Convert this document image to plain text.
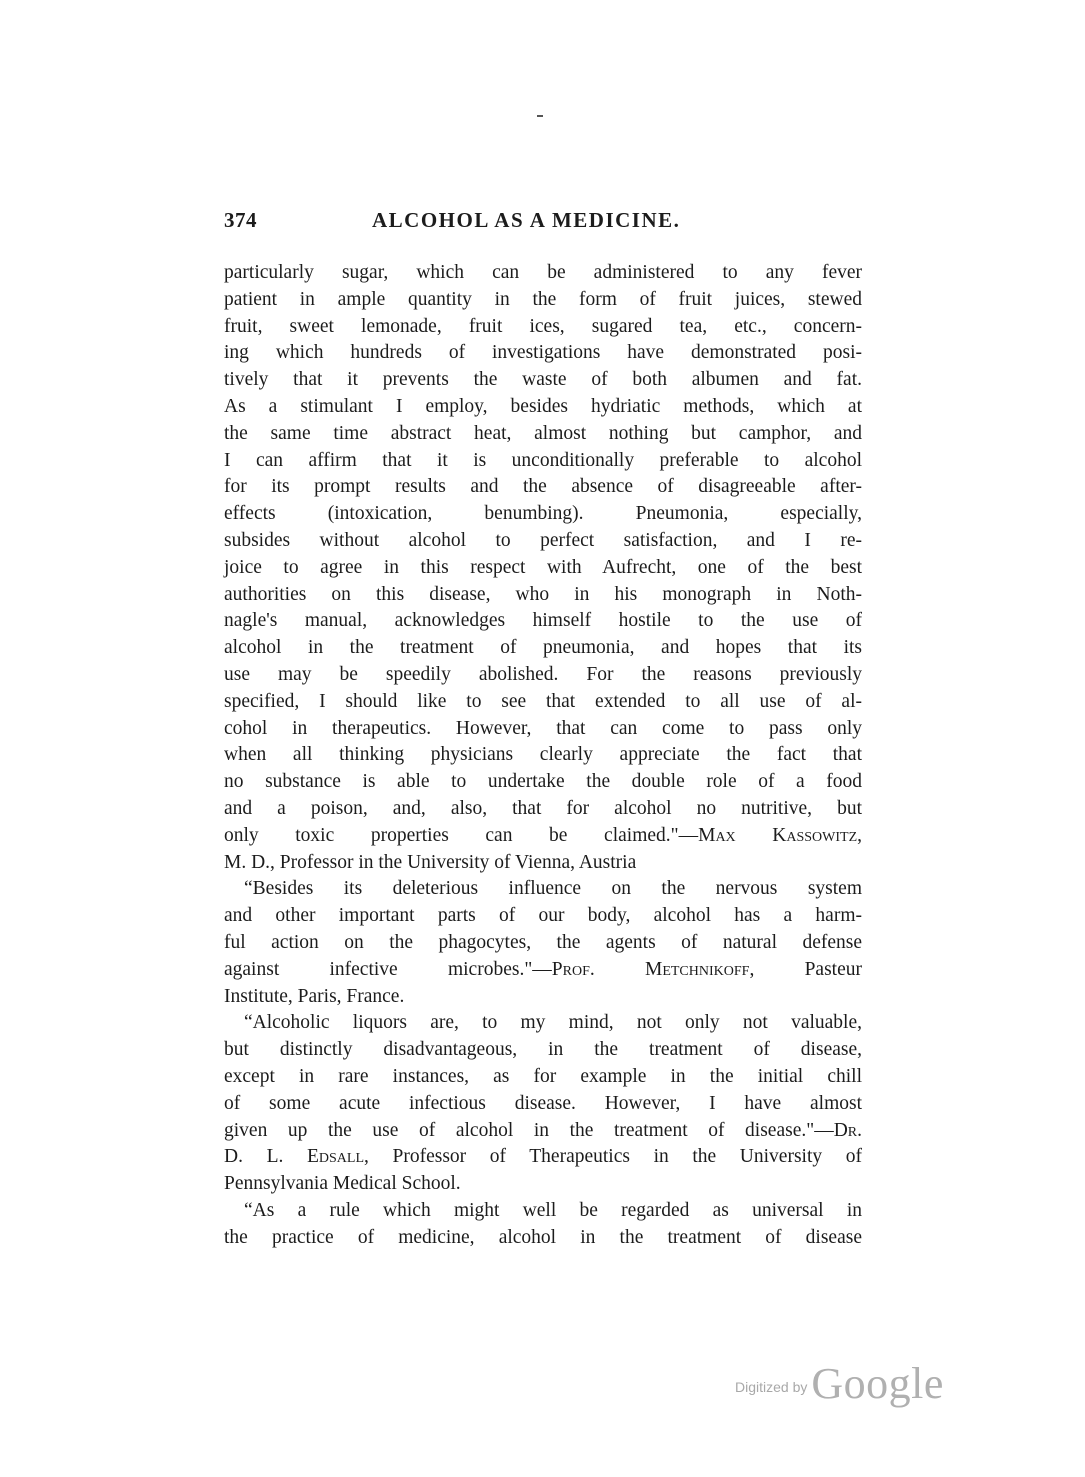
374	ALCOHOL AS A MEDICINE.
particularly sugar, which can be administered to any fever
patient in ample quantity in the form of fruit juices, stewed
fruit, sweet lemonade, fruit ices, sugared tea, etc., concern-
ing which hundreds of investigations have demonstrated posi-
tively that it prevents the waste of both albumen and fat.
As a stimulant I employ, besides hydriatic methods, which at
the same time abstract heat, almost nothing but camphor, and
I can affirm that it is unconditionally preferable to alcohol
for its prompt results and the absence of disagreeable after-
effects (intoxication, benumbing). Pneumonia, especially,
subsides without alcohol to perfect satisfaction, and I re-
joice to agree in this respect with Aufrecht, one of the best
authorities on this disease, who in his monograph in Noth-
nagle's manual, acknowledges himself hostile to the use of
alcohol in the treatment of pneumonia, and hopes that its
use may be speedily abolished. For the reasons previously
specified, I should like to see that extended to all use of al-
cohol in therapeutics. However, that can come to pass only
when all thinking physicians clearly appreciate the fact that
no substance is able to undertake the double role of a food
and a poison, and, also, that for alcohol no nutritive, but
only toxic properties can be claimed."—Max Kassowitz,
M. D., Professor in the University of Vienna, Austria
“Besides its deleterious influence on the nervous system
and other important parts of our body, alcohol has a harm-
ful action on the phagocytes, the agents of natural defense
against infective microbes."—Prof. Metchnikoff, Pasteur
Institute, Paris, France.
“Alcoholic liquors are, to my mind, not only not valuable,
but distinctly disadvantageous, in the treatment of disease,
except in rare instances, as for example in the initial chill
of some acute infectious disease. However, I have almost
given up the use of alcohol in the treatment of disease."—Dr.
D. L. Edsall, Professor of Therapeutics in the University of
Pennsylvania Medical School.
“As a rule which might well be regarded as universal in
the practice of medicine, alcohol in the treatment of disease
Digitized by Google
